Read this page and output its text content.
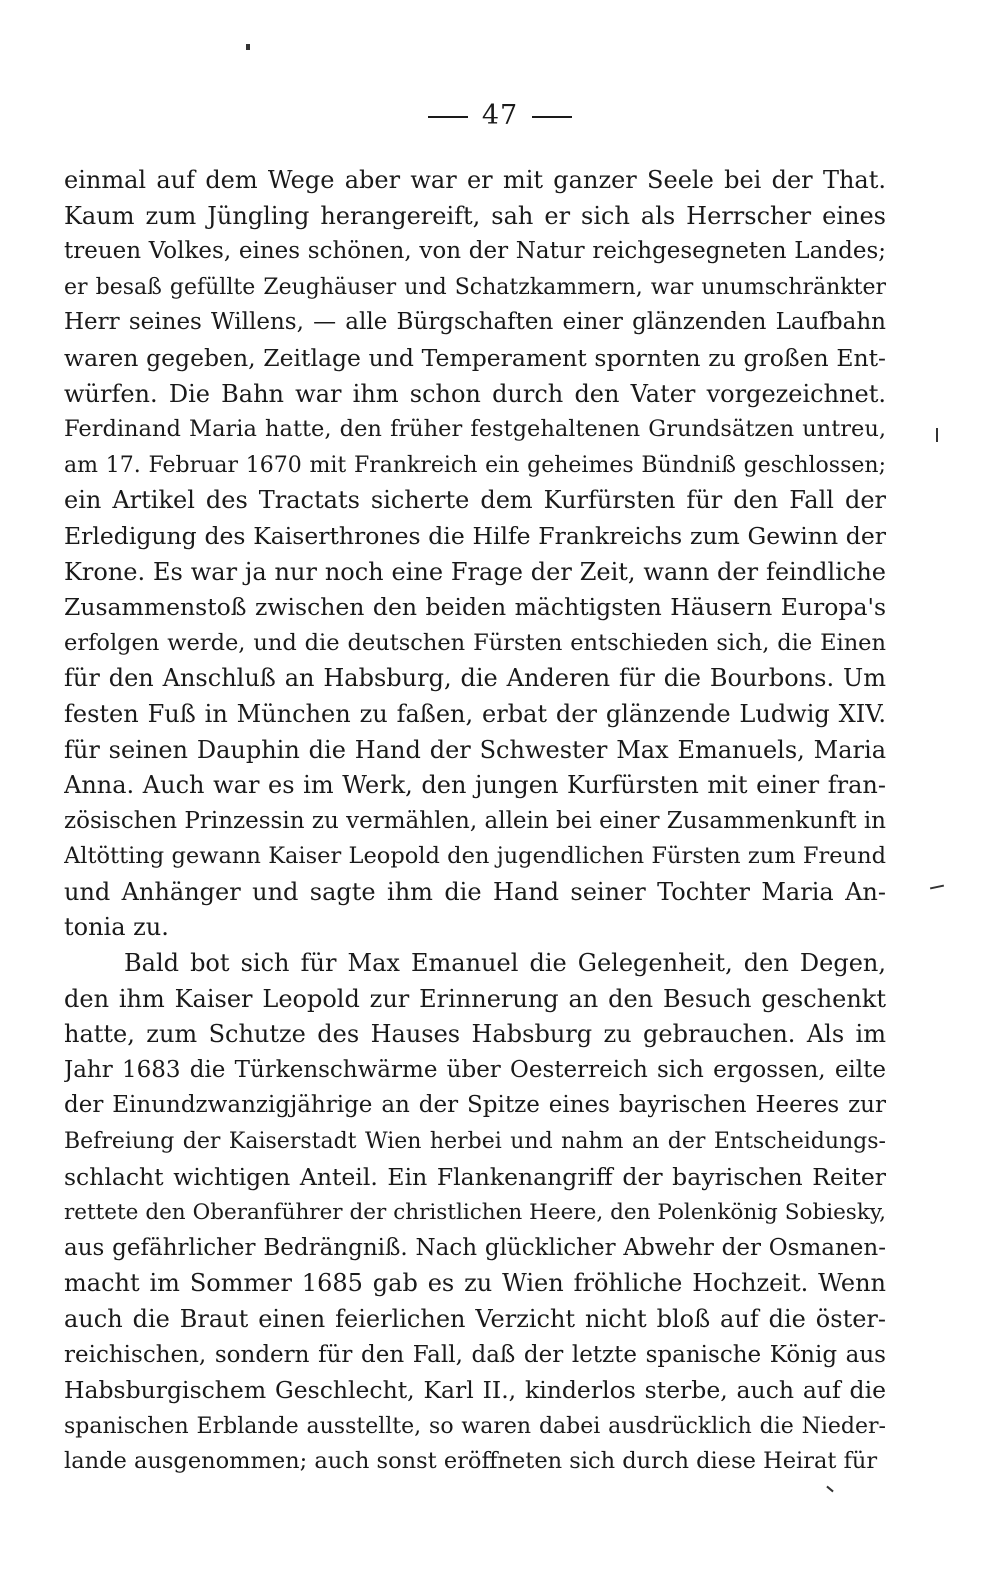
47
einmal auf dem Wege aber war er mit ganzer Seele bei der That.
Kaum zum Jüngling herangereift, sah er sich als Herrscher eines
treuen Volkes, eines schönen, von der Natur reichgesegneten Landes;
er besaß gefüllte Zeughäuser und Schatzkammern, war unumschränkter
Herr seines Willens, — alle Bürgschaften einer glänzenden Laufbahn
waren gegeben, Zeitlage und Temperament spornten zu großen Ent-
würfen. Die Bahn war ihm schon durch den Vater vorgezeichnet.
Ferdinand Maria hatte, den früher festgehaltenen Grundsätzen untreu,
am 17. Februar 1670 mit Frankreich ein geheimes Bündniß geschlossen;
ein Artikel des Tractats sicherte dem Kurfürsten für den Fall der
Erledigung des Kaiserthrones die Hilfe Frankreichs zum Gewinn der
Krone. Es war ja nur noch eine Frage der Zeit, wann der feindliche
Zusammenstoß zwischen den beiden mächtigsten Häusern Europa's
erfolgen werde, und die deutschen Fürsten entschieden sich, die Einen
für den Anschluß an Habsburg, die Anderen für die Bourbons. Um
festen Fuß in München zu faßen, erbat der glänzende Ludwig XIV.
für seinen Dauphin die Hand der Schwester Max Emanuels, Maria
Anna. Auch war es im Werk, den jungen Kurfürsten mit einer fran-
zösischen Prinzessin zu vermählen, allein bei einer Zusammenkunft in
Altötting gewann Kaiser Leopold den jugendlichen Fürsten zum Freund
und Anhänger und sagte ihm die Hand seiner Tochter Maria An-
tonia zu.
Bald bot sich für Max Emanuel die Gelegenheit, den Degen,
den ihm Kaiser Leopold zur Erinnerung an den Besuch geschenkt
hatte, zum Schutze des Hauses Habsburg zu gebrauchen. Als im
Jahr 1683 die Türkenschwärme über Oesterreich sich ergossen, eilte
der Einundzwanzigjährige an der Spitze eines bayrischen Heeres zur
Befreiung der Kaiserstadt Wien herbei und nahm an der Entscheidungs-
schlacht wichtigen Anteil. Ein Flankenangriff der bayrischen Reiter
rettete den Oberanführer der christlichen Heere, den Polenkönig Sobiesky,
aus gefährlicher Bedrängniß. Nach glücklicher Abwehr der Osmanen-
macht im Sommer 1685 gab es zu Wien fröhliche Hochzeit. Wenn
auch die Braut einen feierlichen Verzicht nicht bloß auf die öster-
reichischen, sondern für den Fall, daß der letzte spanische König aus
Habsburgischem Geschlecht, Karl II., kinderlos sterbe, auch auf die
spanischen Erblande ausstellte, so waren dabei ausdrücklich die Nieder-
lande ausgenommen; auch sonst eröffneten sich durch diese Heirat für
